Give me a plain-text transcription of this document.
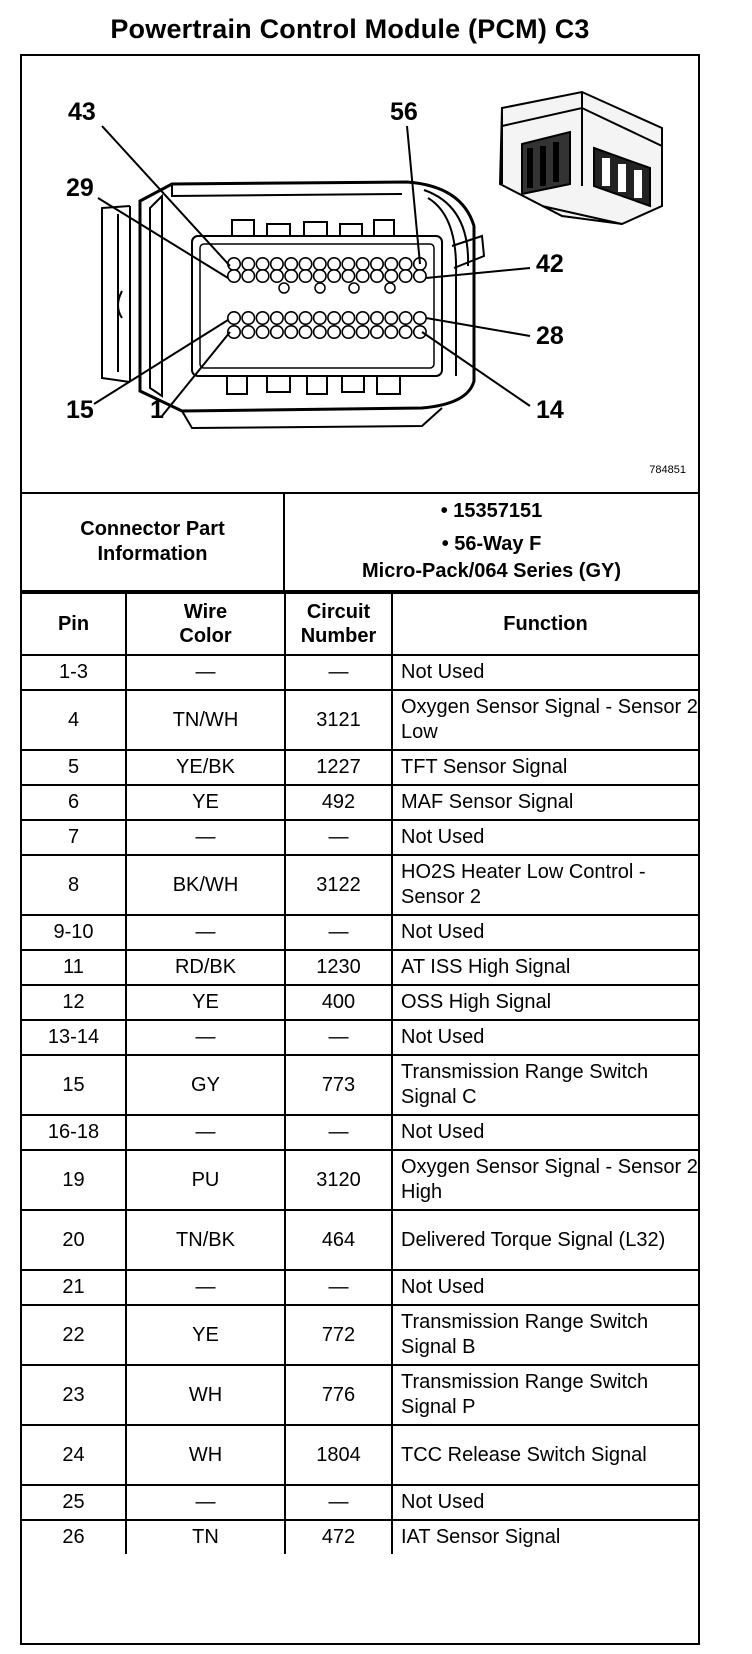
Powertrain Control Module (PCM) C3
43	56
29
42
28
15 1	14
784851
Connector Part Information
• 15357151
• 56-Way F
Micro-Pack/064 Series (GY)
Pin	Wire Color	Circuit Number	Function
1-3	—	—	Not Used
4	TN/WH	3121	Oxygen Sensor Signal - Sensor 2 Low
5	YE/BK	1227	TFT Sensor Signal
6	YE	492	MAF Sensor Signal
7	—	—	Not Used
8	BK/WH	3122	HO2S Heater Low Control - Sensor 2
9-10	—	—	Not Used
11	RD/BK	1230	AT ISS High Signal
12	YE	400	OSS High Signal
13-14	—	—	Not Used
15	GY	773	Transmission Range Switch Signal C
16-18	—	—	Not Used
19	PU	3120	Oxygen Sensor Signal - Sensor 2 High
20	TN/BK	464	Delivered Torque Signal (L32)
21	—	—	Not Used
22	YE	772	Transmission Range Switch Signal B
23	WH	776	Transmission Range Switch Signal P
24	WH	1804	TCC Release Switch Signal
25	—	—	Not Used
26	TN	472	IAT Sensor Signal
